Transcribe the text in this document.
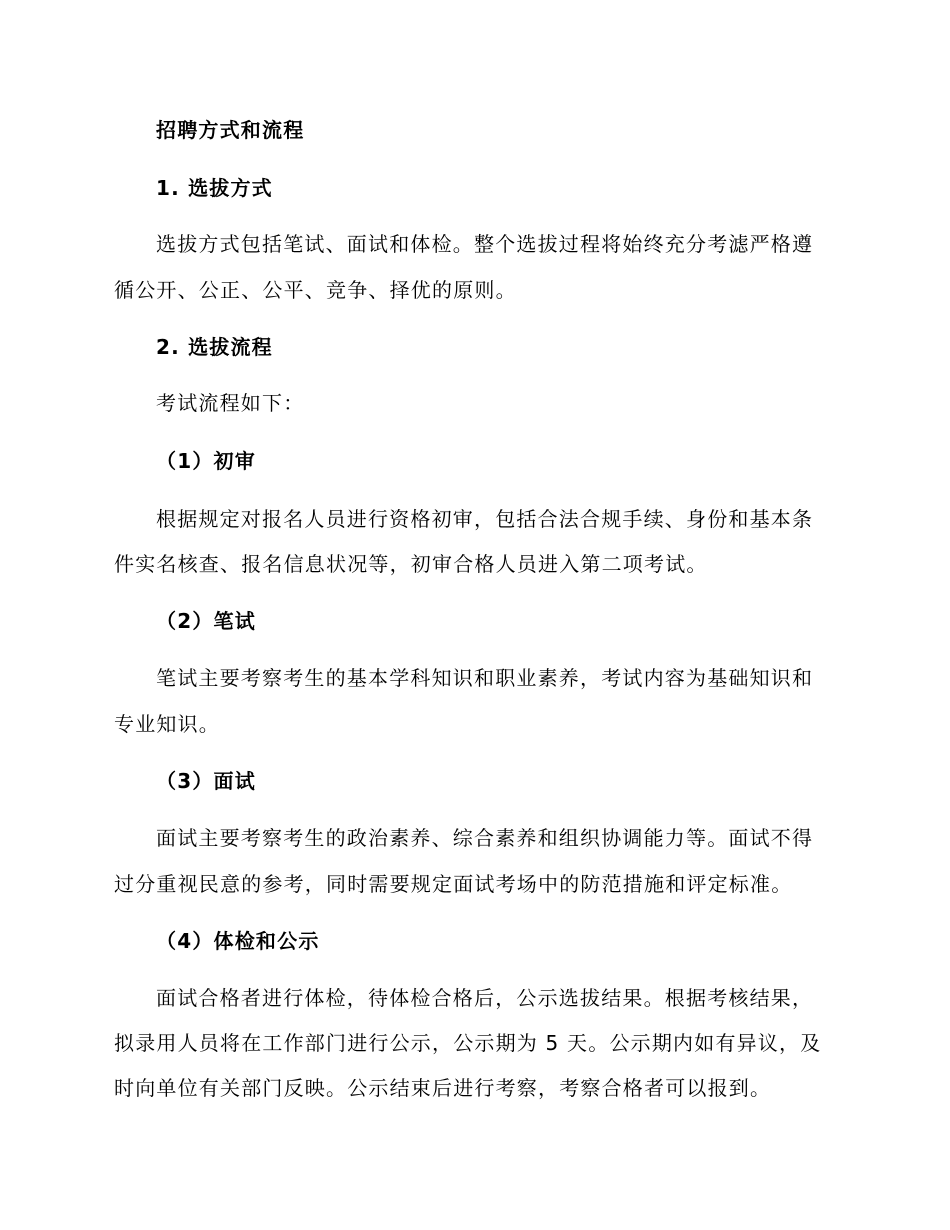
招聘方式和流程
1. 选拔方式
选拔方式包括笔试、面试和体检。整个选拔过程将始终充分考滤严格遵
循公开、公正、公平、竞争、择优的原则。
2. 选拔流程
考试流程如下：
（1）初审
根据规定对报名人员进行资格初审，包括合法合规手续、身份和基本条
件实名核查、报名信息状况等，初审合格人员进入第二项考试。
（2）笔试
笔试主要考察考生的基本学科知识和职业素养，考试内容为基础知识和
专业知识。
（3）面试
面试主要考察考生的政治素养、综合素养和组织协调能力等。面试不得
过分重视民意的参考，同时需要规定面试考场中的防范措施和评定标准。
（4）体检和公示
面试合格者进行体检，待体检合格后，公示选拔结果。根据考核结果，
拟录用人员将在工作部门进行公示，公示期为 5 天。公示期内如有异议，及
时向单位有关部门反映。公示结束后进行考察，考察合格者可以报到。
